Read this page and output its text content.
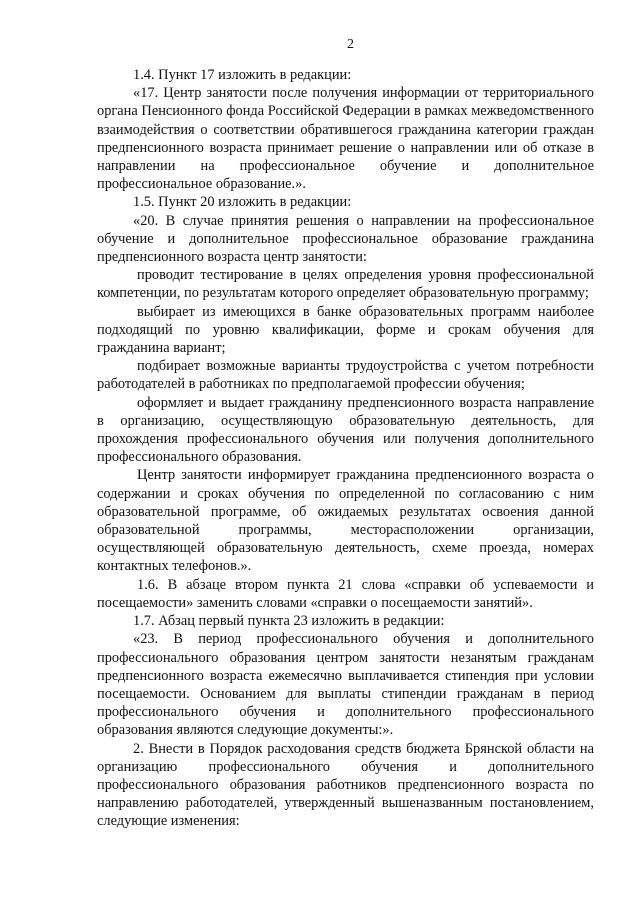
2

1.4. Пункт 17 изложить в редакции:

«17. Центр занятости после получения информации от территориального органа Пенсионного фонда Российской Федерации в рамках межведомственного взаимодействия о соответствии обратившегося гражданина категории граждан предпенсионного возраста принимает решение о направлении или об отказе в направлении на профессиональное обучение и дополнительное профессиональное образование.».

1.5. Пункт 20 изложить в редакции:

«20. В случае принятия решения о направлении на профессиональное обучение и дополнительное профессиональное образование гражданина предпенсионного возраста центр занятости:

проводит тестирование в целях определения уровня профессиональной компетенции, по результатам которого определяет образовательную программу;

выбирает из имеющихся в банке образовательных программ наиболее подходящий по уровню квалификации, форме и срокам обучения для гражданина вариант;

подбирает возможные варианты трудоустройства с учетом потребности работодателей в работниках по предполагаемой профессии обучения;

оформляет и выдает гражданину предпенсионного возраста направление в организацию, осуществляющую образовательную деятельность, для прохождения профессионального обучения или получения дополнительного профессионального образования.

Центр занятости информирует гражданина предпенсионного возраста о содержании и сроках обучения по определенной по согласованию с ним образовательной программе, об ожидаемых результатах освоения данной образовательной программы, месторасположении организации, осуществляющей образовательную деятельность, схеме проезда, номерах контактных телефонов.».

1.6. В абзаце втором пункта 21 слова «справки об успеваемости и посещаемости» заменить словами «справки о посещаемости занятий».

1.7. Абзац первый пункта 23 изложить в редакции:

«23. В период профессионального обучения и дополнительного профессионального образования центром занятости незанятым гражданам предпенсионного возраста ежемесячно выплачивается стипендия при условии посещаемости. Основанием для выплаты стипендии гражданам в период профессионального обучения и дополнительного профессионального образования являются следующие документы:».

2. Внести в Порядок расходования средств бюджета Брянской области на организацию профессионального обучения и дополнительного профессионального образования работников предпенсионного возраста по направлению работодателей, утвержденный вышеназванным постановлением, следующие изменения:
